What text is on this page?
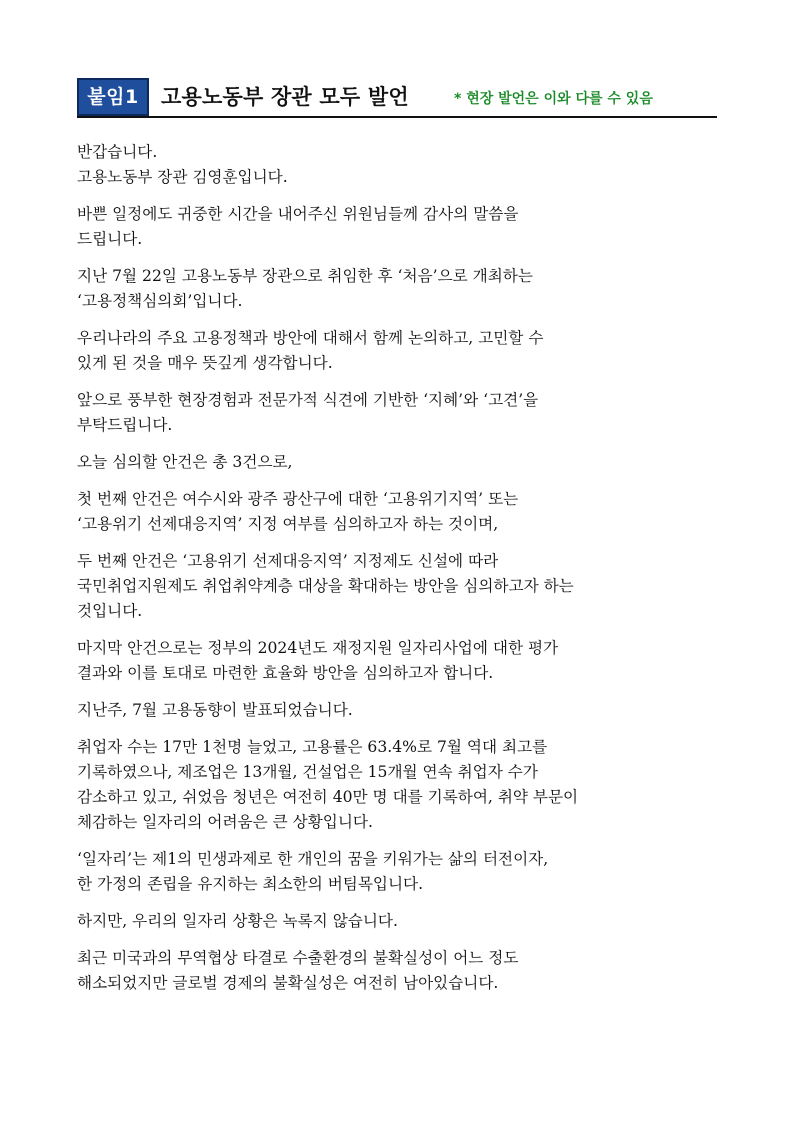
붙임1	고용노동부 장관 모두 발언	* 현장 발언은 이와 다를 수 있음

반갑습니다.
고용노동부 장관 김영훈입니다.

바쁜 일정에도 귀중한 시간을 내어주신 위원님들께 감사의 말씀을
드립니다.

지난 7월 22일 고용노동부 장관으로 취임한 후 ‘처음’으로 개최하는
‘고용정책심의회’입니다.

우리나라의 주요 고용정책과 방안에 대해서 함께 논의하고, 고민할 수
있게 된 것을 매우 뜻깊게 생각합니다.

앞으로 풍부한 현장경험과 전문가적 식견에 기반한 ‘지혜’와 ‘고견’을
부탁드립니다.

오늘 심의할 안건은 총 3건으로,

첫 번째 안건은 여수시와 광주 광산구에 대한 ‘고용위기지역’ 또는
‘고용위기 선제대응지역’ 지정 여부를 심의하고자 하는 것이며,

두 번째 안건은 ‘고용위기 선제대응지역’ 지정제도 신설에 따라
국민취업지원제도 취업취약계층 대상을 확대하는 방안을 심의하고자 하는
것입니다.

마지막 안건으로는 정부의 2024년도 재정지원 일자리사업에 대한 평가
결과와 이를 토대로 마련한 효율화 방안을 심의하고자 합니다.

지난주, 7월 고용동향이 발표되었습니다.

취업자 수는 17만 1천명 늘었고, 고용률은 63.4%로 7월 역대 최고를
기록하였으나, 제조업은 13개월, 건설업은 15개월 연속 취업자 수가
감소하고 있고, 쉬었음 청년은 여전히 40만 명 대를 기록하여, 취약 부문이
체감하는 일자리의 어려움은 큰 상황입니다.

‘일자리’는 제1의 민생과제로 한 개인의 꿈을 키워가는 삶의 터전이자,
한 가정의 존립을 유지하는 최소한의 버팀목입니다.

하지만, 우리의 일자리 상황은 녹록지 않습니다.

최근 미국과의 무역협상 타결로 수출환경의 불확실성이 어느 정도
해소되었지만 글로벌 경제의 불확실성은 여전히 남아있습니다.
